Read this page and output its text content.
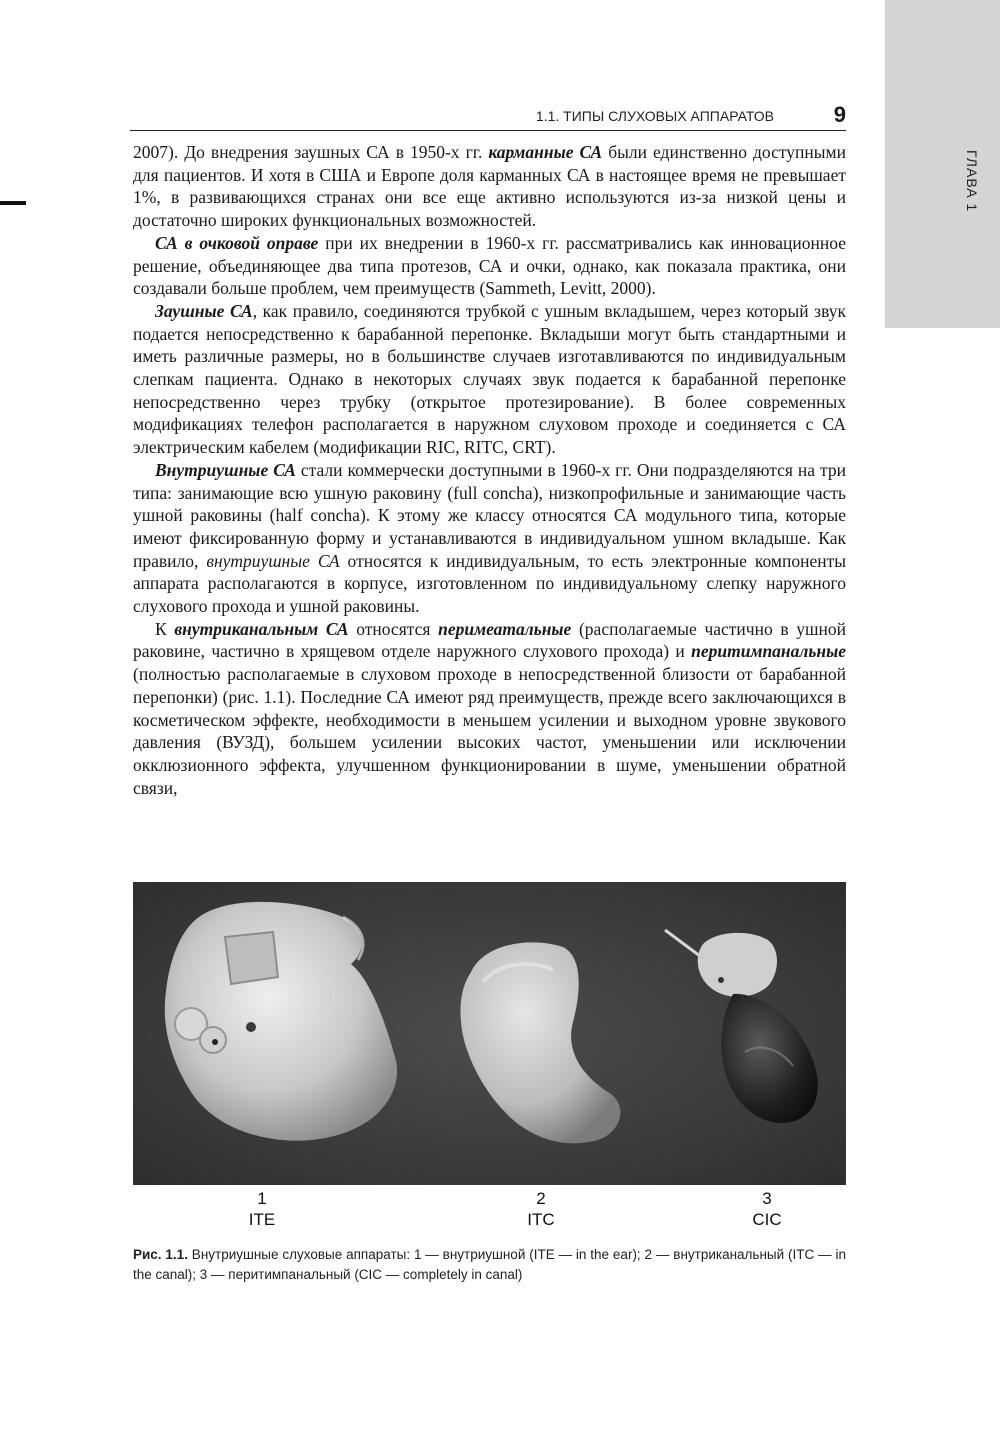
ГЛАВА 1
1.1. ТИПЫ СЛУХОВЫХ АППАРАТОВ	9

2007). До внедрения заушных СА в 1950-х гг. карманные СА были единственно доступными для пациентов. И хотя в США и Европе доля карманных СА в настоящее время не превышает 1%, в развивающихся странах они все еще активно используются из-за низкой цены и достаточно широких функциональных возможностей.

СА в очковой оправе при их внедрении в 1960-х гг. рассматривались как инновационное решение, объединяющее два типа протезов, СА и очки, однако, как показала практика, они создавали больше проблем, чем преимуществ (Sammeth, Levitt, 2000).

Заушные СА, как правило, соединяются трубкой с ушным вкладышем, через который звук подается непосредственно к барабанной перепонке. Вкладыши могут быть стандартными и иметь различные размеры, но в большинстве случаев изготавливаются по индивидуальным слепкам пациента. Однако в некоторых случаях звук подается к барабанной перепонке непосредственно через трубку (открытое протезирование). В более современных модификациях телефон располагается в наружном слуховом проходе и соединяется с СА электрическим кабелем (модификации RIC, RITC, CRT).

Внутриушные СА стали коммерчески доступными в 1960-х гг. Они подразделяются на три типа: занимающие всю ушную раковину (full concha), низкопрофильные и занимающие часть ушной раковины (half concha). К этому же классу относятся СА модульного типа, которые имеют фиксированную форму и устанавливаются в индивидуальном ушном вкладыше. Как правило, внутриушные СА относятся к индивидуальным, то есть электронные компоненты аппарата располагаются в корпусе, изготовленном по индивидуальному слепку наружного слухового прохода и ушной раковины.

К внутриканальным СА относятся перимеатальные (располагаемые частично в ушной раковине, частично в хрящевом отделе наружного слухового прохода) и перитимпанальные (полностью располагаемые в слуховом проходе в непосредственной близости от барабанной перепонки) (рис. 1.1). Последние СА имеют ряд преимуществ, прежде всего заключающихся в косметическом эффекте, необходимости в меньшем усилении и выходном уровне звукового давления (ВУЗД), большем усилении высоких частот, уменьшении или исключении окклюзионного эффекта, улучшенном функционировании в шуме, уменьшении обратной связи,

1
ITE
2
ITC
3
CIC
Рис. 1.1. Внутриушные слуховые аппараты: 1 — внутриушной (ITE — in the ear); 2 — внутриканальный (ITC — in the canal); 3 — перитимпанальный (CIC — completely in canal)
